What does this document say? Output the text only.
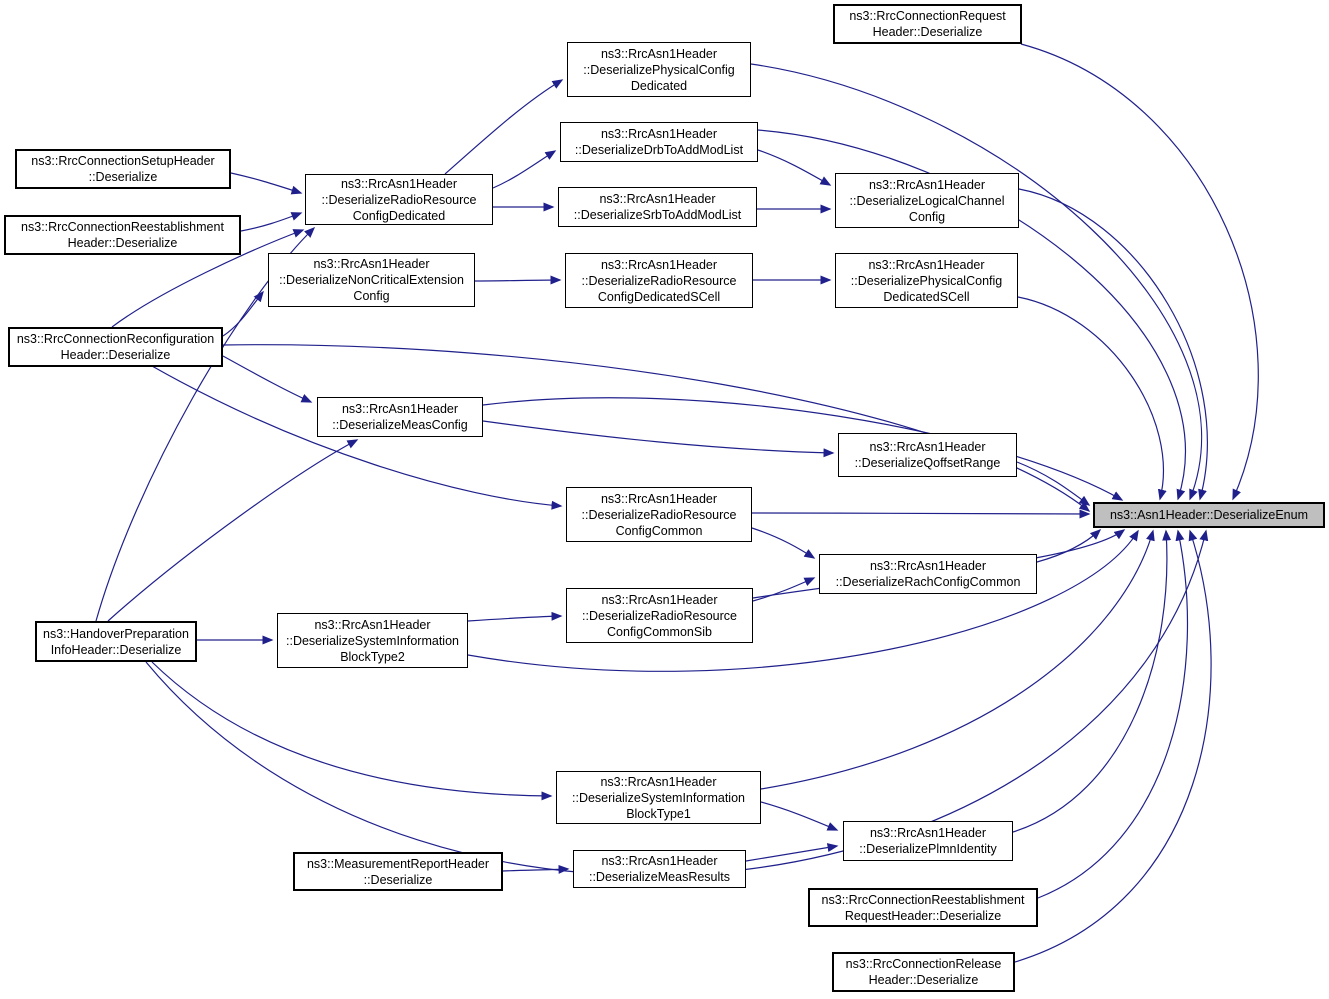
ns3::RrcConnectionRequest
Header::Deserialize
ns3::RrcAsn1Header
::DeserializePhysicalConfig
Dedicated
ns3::RrcAsn1Header
::DeserializeDrbToAddModList
ns3::RrcConnectionSetupHeader
::Deserialize	ns3::RrcAsn1Header
::DeserializeRadioResource
ConfigDedicated
ns3::RrcAsn1Header
::DeserializeLogicalChannel
Config
ns3::RrcAsn1Header
::DeserializeSrbToAddModList
ns3::RrcConnectionReestablishment
Header::Deserialize
ns3::RrcAsn1Header
::DeserializeNonCriticalExtension
Config
ns3::RrcAsn1Header
::DeserializeRadioResource
ConfigDedicatedSCell
ns3::RrcAsn1Header
::DeserializePhysicalConfig
DedicatedSCell
ns3::RrcConnectionReconfiguration
Header::Deserialize
ns3::RrcAsn1Header
::DeserializeMeasConfig
ns3::RrcAsn1Header
::DeserializeQoffsetRange
ns3::RrcAsn1Header
::DeserializeRadioResource
ConfigCommon
ns3::Asn1Header::DeserializeEnum
ns3::RrcAsn1Header
::DeserializeRachConfigCommon
ns3::RrcAsn1Header
::DeserializeRadioResource
ConfigCommonSib
ns3::RrcAsn1Header
::DeserializeSystemInformation
BlockType2
ns3::HandoverPreparation
InfoHeader::Deserialize
ns3::RrcAsn1Header
::DeserializeSystemInformation
BlockType1
ns3::RrcAsn1Header
::DeserializePlmnIdentity
ns3::MeasurementReportHeader
::Deserialize
ns3::RrcAsn1Header
::DeserializeMeasResults
ns3::RrcConnectionReestablishment
RequestHeader::Deserialize
ns3::RrcConnectionRelease
Header::Deserialize
